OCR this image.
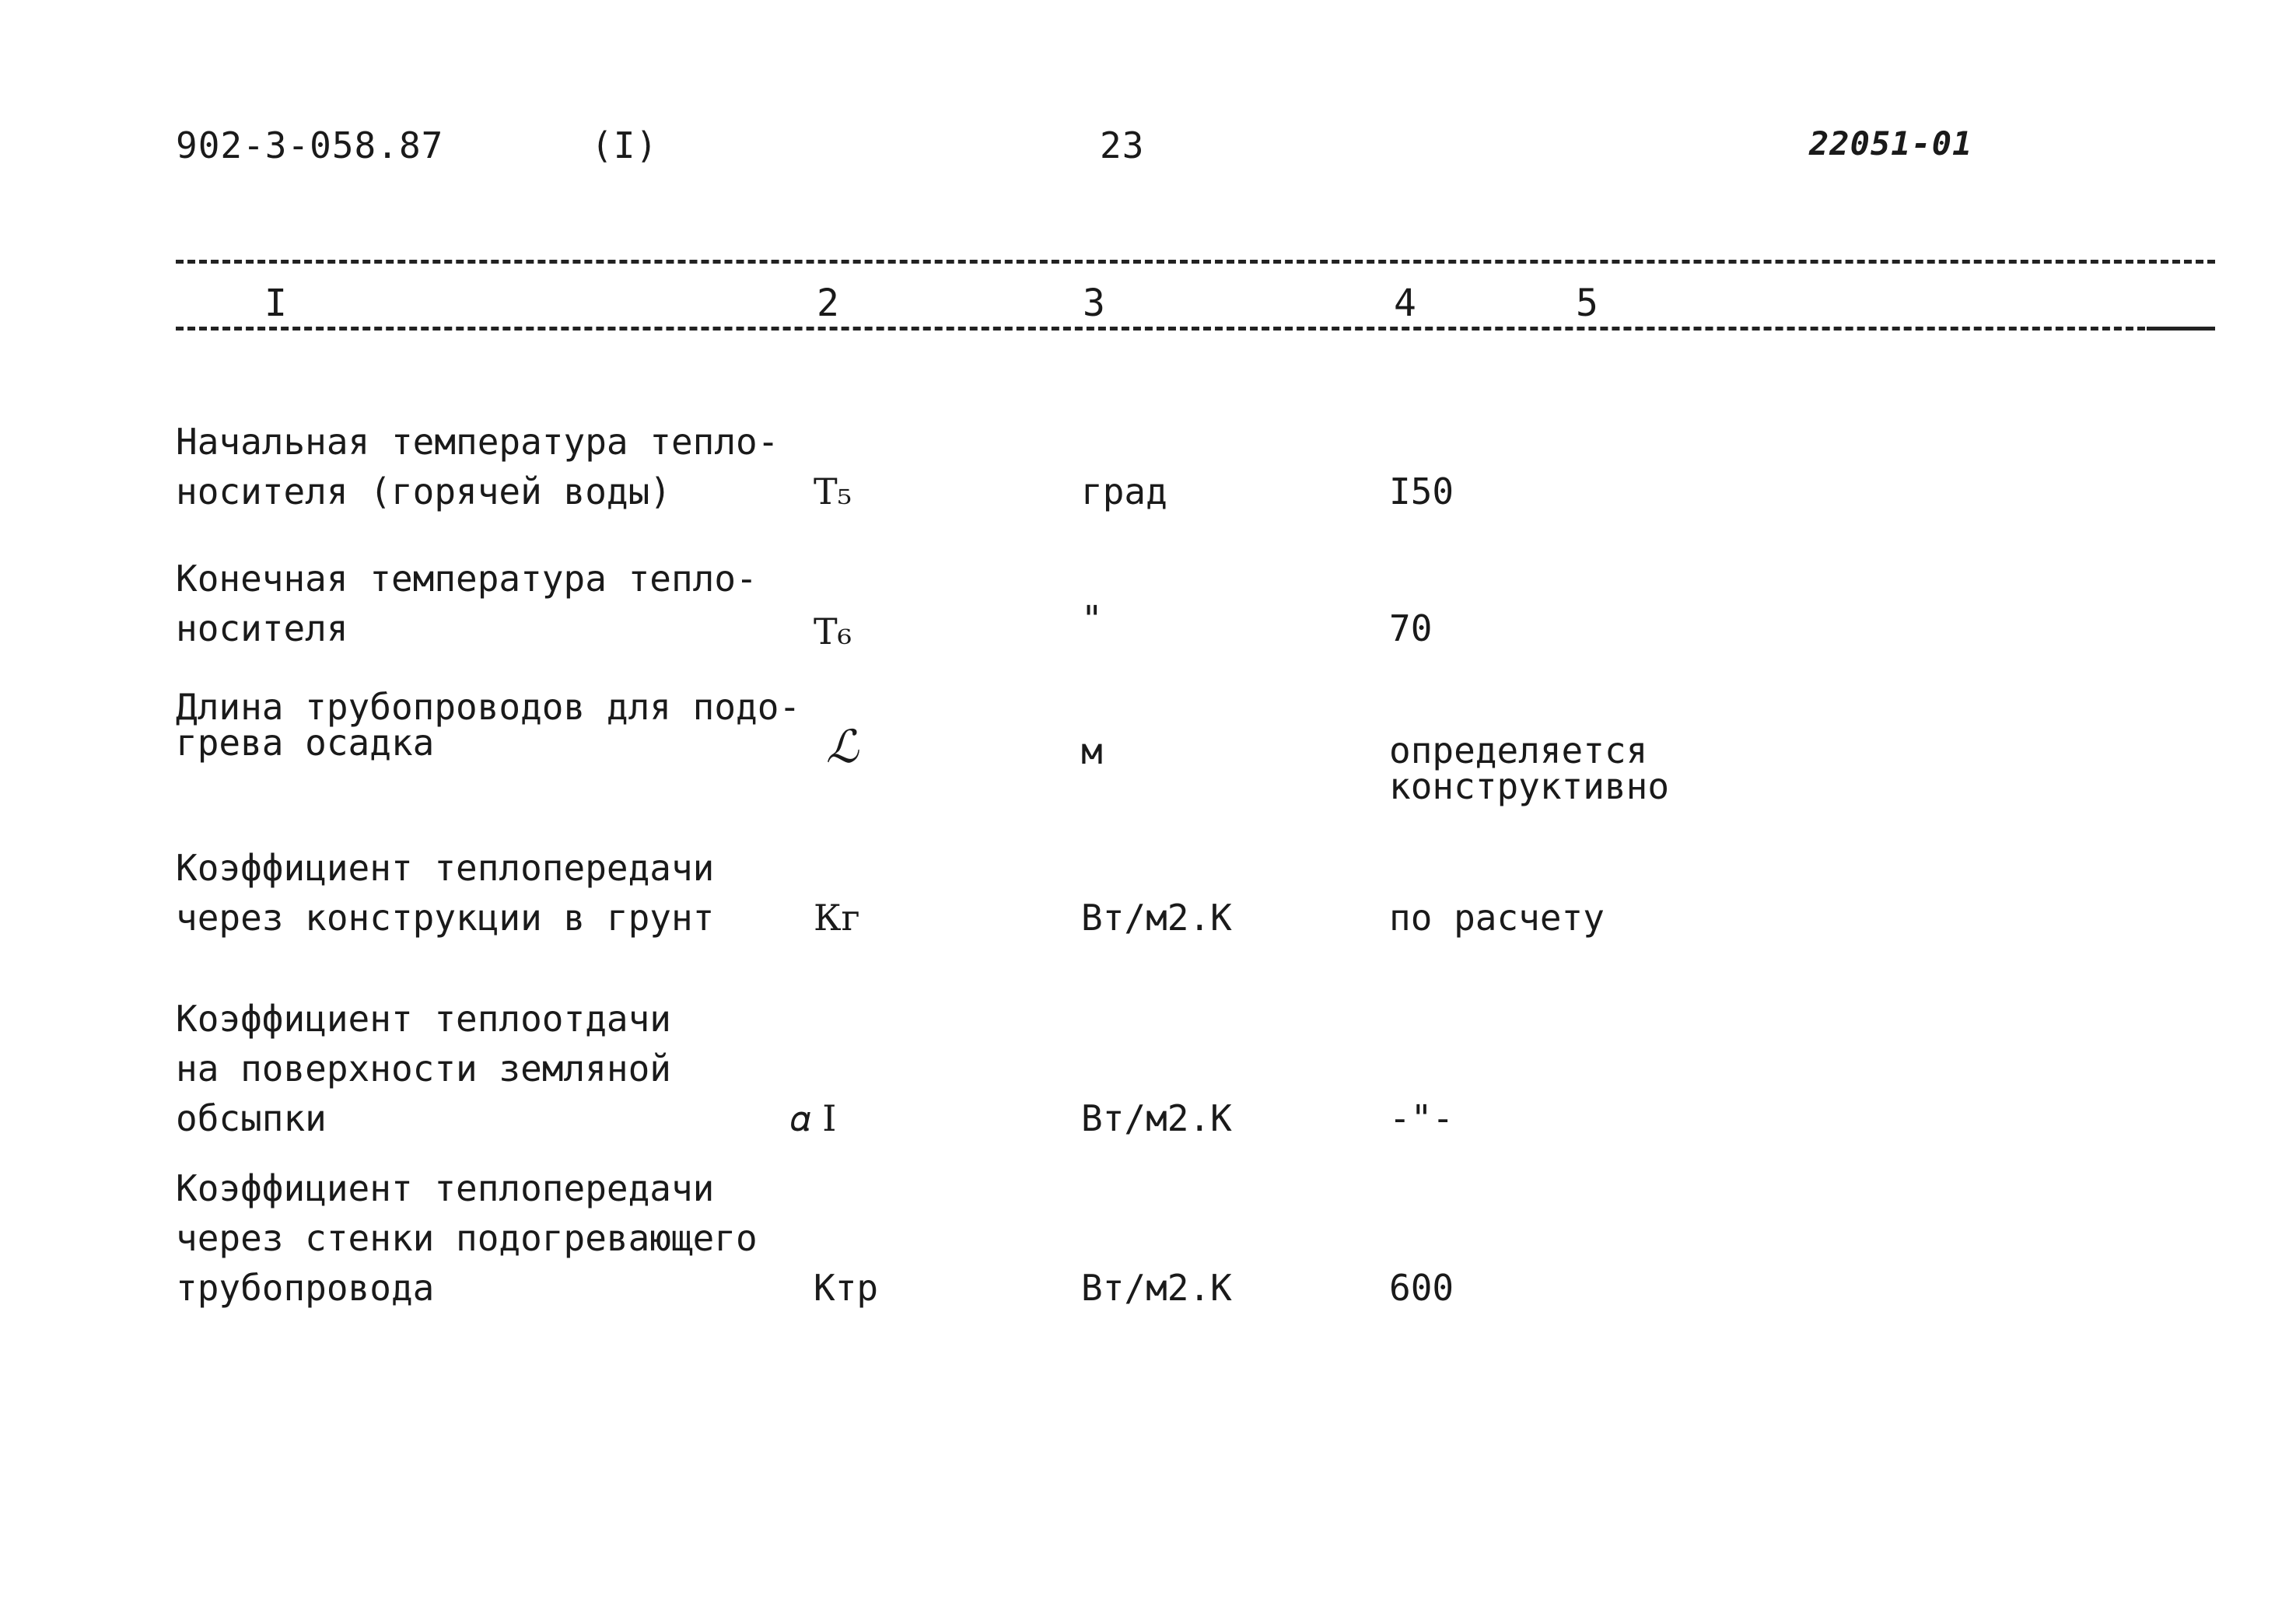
902-3-058.87	(I)	23	22051-01
I	2	3	4	5
Начальная температура тепло-
носителя (горячей воды)	T₅	град	I50
Конечная температура тепло-
носителя	T₆	"	70
Длина трубопроводов для подо-
грева осадка	ℒ	м	определяется
конструктивно
Коэффициент теплопередачи
через конструкции в грунт	Кг	Вт/м2.К	по расчету
Коэффициент теплоотдачи
на поверхности земляной
обсыпки	𝛼 I	Вт/м2.К	-"-
Коэффициент теплопередачи
через стенки подогревающего
трубопровода	Ктр	Вт/м2.К	600
